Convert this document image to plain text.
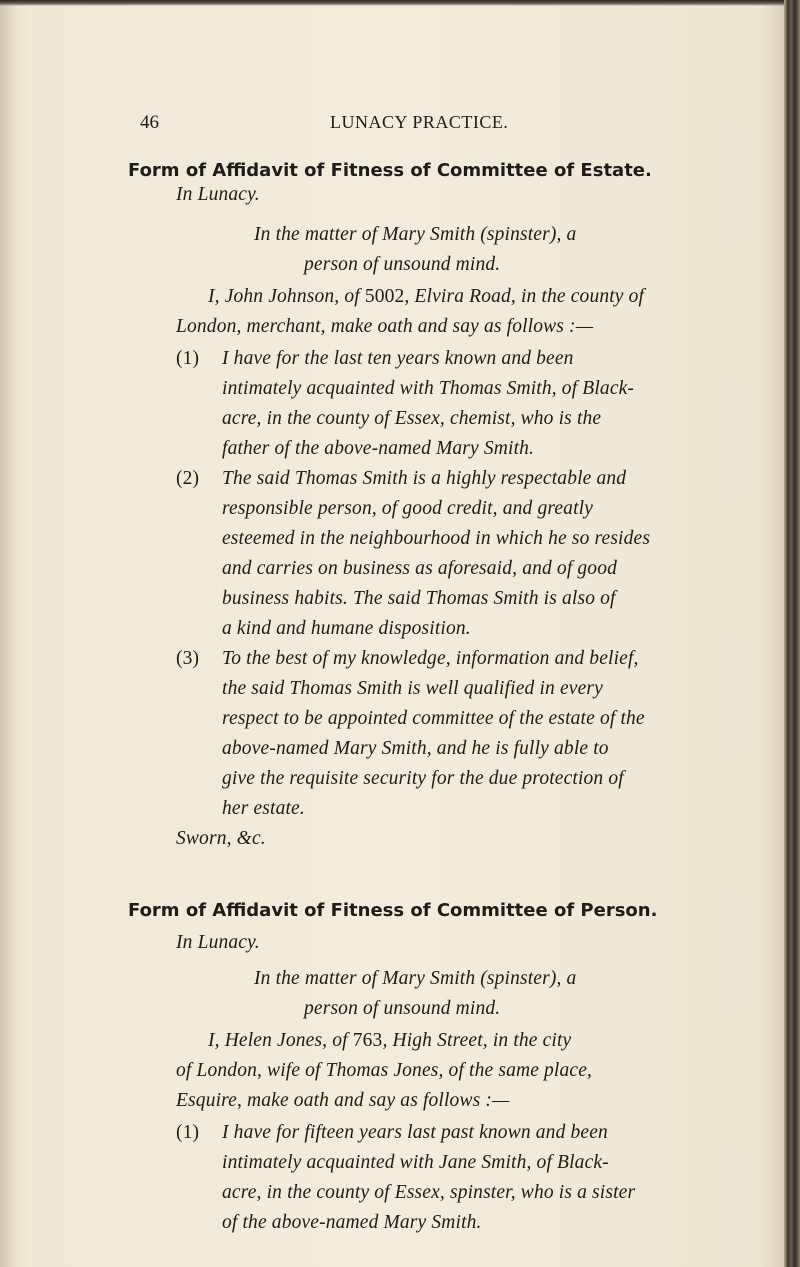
46	LUNACY PRACTICE.
Form of Affidavit of Fitness of Committee of Estate.
In Lunacy.
In the matter of Mary Smith (spinster), a
person of unsound mind.
I, John Johnson, of 5002, Elvira Road, in the county of
London, merchant, make oath and say as follows :—
(1)	I have for the last ten years known and been
intimately acquainted with Thomas Smith, of Black-
acre, in the county of Essex, chemist, who is the
father of the above-named Mary Smith.
(2)	The said Thomas Smith is a highly respectable and
responsible person, of good credit, and greatly
esteemed in the neighbourhood in which he so resides
and carries on business as aforesaid, and of good
business habits. The said Thomas Smith is also of
a kind and humane disposition.
(3)	To the best of my knowledge, information and belief,
the said Thomas Smith is well qualified in every
respect to be appointed committee of the estate of the
above-named Mary Smith, and he is fully able to
give the requisite security for the due protection of
her estate.
Sworn, &c.
Form of Affidavit of Fitness of Committee of Person.
In Lunacy.
In the matter of Mary Smith (spinster), a
person of unsound mind.
I, Helen Jones, of 763, High Street, in the city
of London, wife of Thomas Jones, of the same place,
Esquire, make oath and say as follows :—
(1)	I have for fifteen years last past known and been
intimately acquainted with Jane Smith, of Black-
acre, in the county of Essex, spinster, who is a sister
of the above-named Mary Smith.
